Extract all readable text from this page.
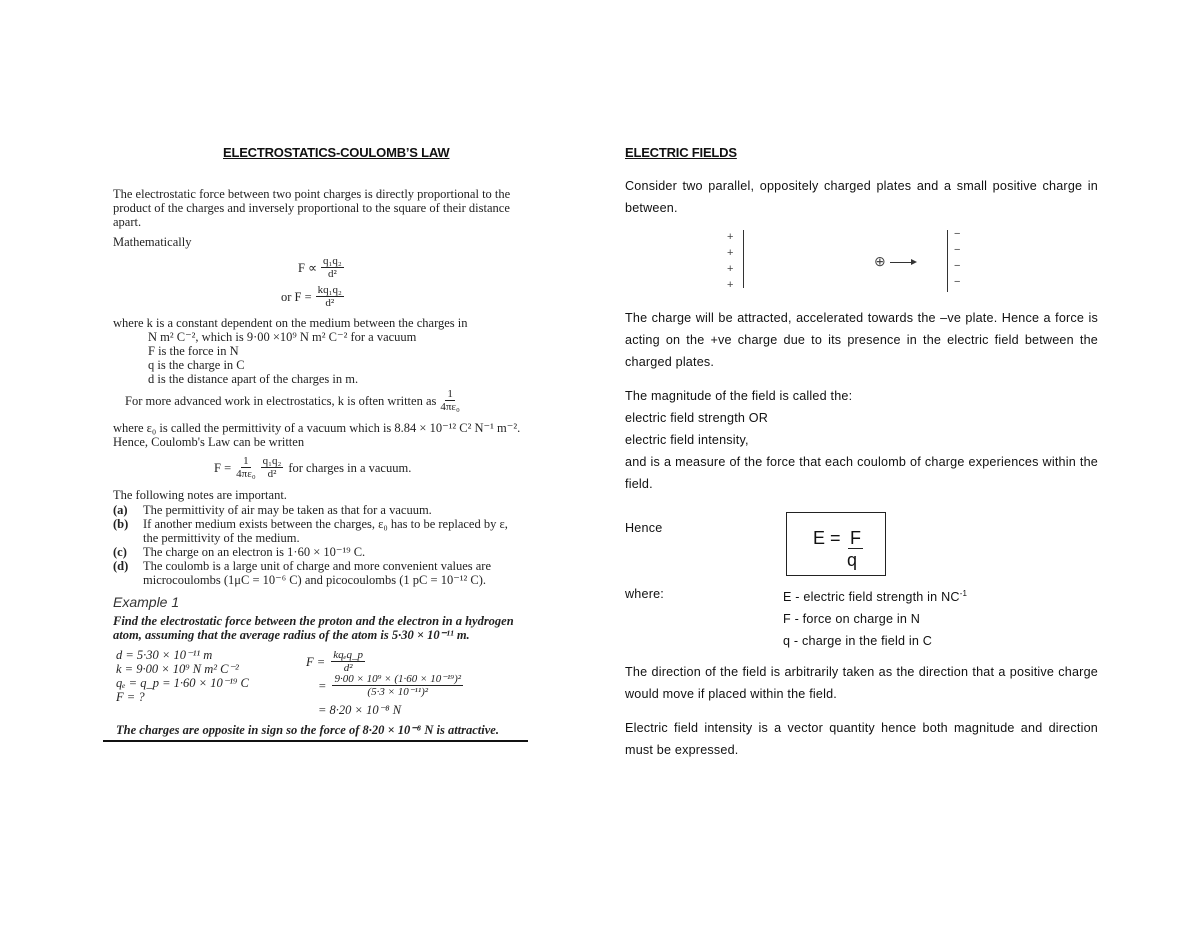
ELECTROSTATICS-COULOMB’S LAW
The electrostatic force between two point charges is directly proportional to the product of the charges and inversely proportional to the square of their distance apart.
Mathematically
$F \propto \frac{\text{q₁q₂}}{\text{d²}}$
or $F = \frac{\text{kq₁q₂}}{\text{d²}}$
where k is a constant dependent on the medium between the charges in
N m² C⁻², which is 9·00 ×10⁹ N m² C⁻² for a vacuum
F is the force in N
q is the charge in C
d is the distance apart of the charges in m.
For more advanced work in electrostatics, k is often written as $\frac{1}{\text{4πε₀}}$
where ε₀ is called the permittivity of a vacuum which is 8.84 × 10⁻¹² C² N⁻¹ m⁻².
Hence, Coulomb's Law can be written
$F = \frac{1}{\text{4πε₀}} \frac{\text{q₁q₂}}{\text{d²}}$ for charges in a vacuum.
The following notes are important.
(a)	The permittivity of air may be taken as that for a vacuum.
(b)	If another medium exists between the charges, ε₀ has to be replaced by ε, the permittivity of the medium.
(c)	The charge on an electron is 1·60 × 10⁻¹⁹ C.
(d)	The coulomb is a large unit of charge and more convenient values are microcoulombs (1μC = 10⁻⁶ C) and picocoulombs (1 pC = 10⁻¹² C).
Example 1
Find the electrostatic force between the proton and the electron in a hydrogen atom, assuming that the average radius of the atom is 5·30 × 10⁻¹¹ m.
d = 5·30 × 10⁻¹¹ m
k = 9·00 × 10⁹ N m² C⁻²
qₑ = q_p = 1·60 × 10⁻¹⁹ C
F = ?
$F = \frac{\text{kqₑq\_p}}{\text{d²}}$
= $\frac{\text{9·00 × 10⁹ × (1·60 × 10⁻¹⁹)²}}{\text{(5·3 × 10⁻¹¹)²}}$
= 8·20 × 10⁻⁸ N
The charges are opposite in sign so the force of 8·20 × 10⁻⁸ N is attractive.
ELECTRIC FIELDS
Consider two parallel, oppositely charged plates and a small positive charge in between.
+
+
+
+
⊕
−
−
−
−
The charge will be attracted, accelerated towards the –ve plate. Hence a force is acting on the +ve charge due to its presence in the electric field between the charged plates.
The magnitude of the field is called the:
electric field strength OR
electric field intensity,
and is a measure of the force that each coulomb of charge experiences within the field.
Hence	E = F
q
where:	E - electric field strength in $NC^{-1}$
F - force on charge in N
q - charge in the field in C
The direction of the field is arbitrarily taken as the direction that a positive charge would move if placed within the field.
Electric field intensity is a vector quantity hence both magnitude and direction must be expressed.
